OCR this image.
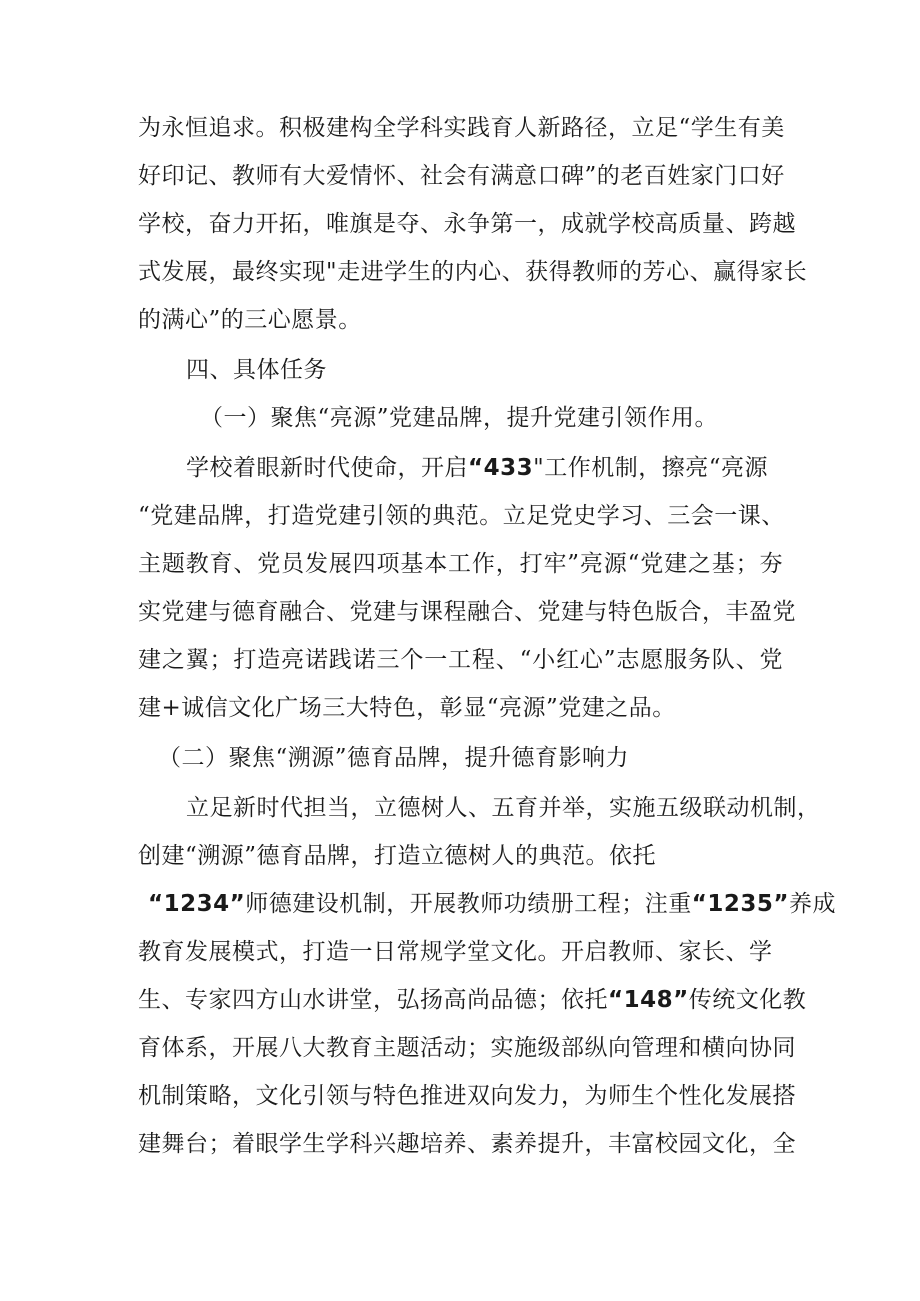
为永恒追求。积极建构全学科实践育人新路径，立足“学生有美
好印记、教师有大爱情怀、社会有满意口碑”的老百姓家门口好
学校，奋力开拓，唯旗是夺、永争第一，成就学校高质量、跨越
式发展，最终实现"走进学生的内心、获得教师的芳心、赢得家长
的满心”的三心愿景。
四、具体任务
（一）聚焦“亮源”党建品牌，提升党建引领作用。
学校着眼新时代使命，开启“433"工作机制，擦亮“亮源
“党建品牌，打造党建引领的典范。立足党史学习、三会一课、
主题教育、党员发展四项基本工作，打牢”亮源“党建之基；夯
实党建与德育融合、党建与课程融合、党建与特色版合，丰盈党
建之翼；打造亮诺践诺三个一工程、“小红心”志愿服务队、党
建+诚信文化广场三大特色，彰显“亮源”党建之品。
（二）聚焦“溯源”德育品牌，提升德育影响力
立足新时代担当，立德树人、五育并举，实施五级联动机制，
创建“溯源”德育品牌，打造立德树人的典范。依托
“1234”师德建设机制，开展教师功绩册工程；注重“1235”养成
教育发展模式，打造一日常规学堂文化。开启教师、家长、学
生、专家四方山水讲堂，弘扬高尚品德；依托“148”传统文化教
育体系，开展八大教育主题活动；实施级部纵向管理和横向协同
机制策略，文化引领与特色推进双向发力，为师生个性化发展搭
建舞台；着眼学生学科兴趣培养、素养提升，丰富校园文化，全
